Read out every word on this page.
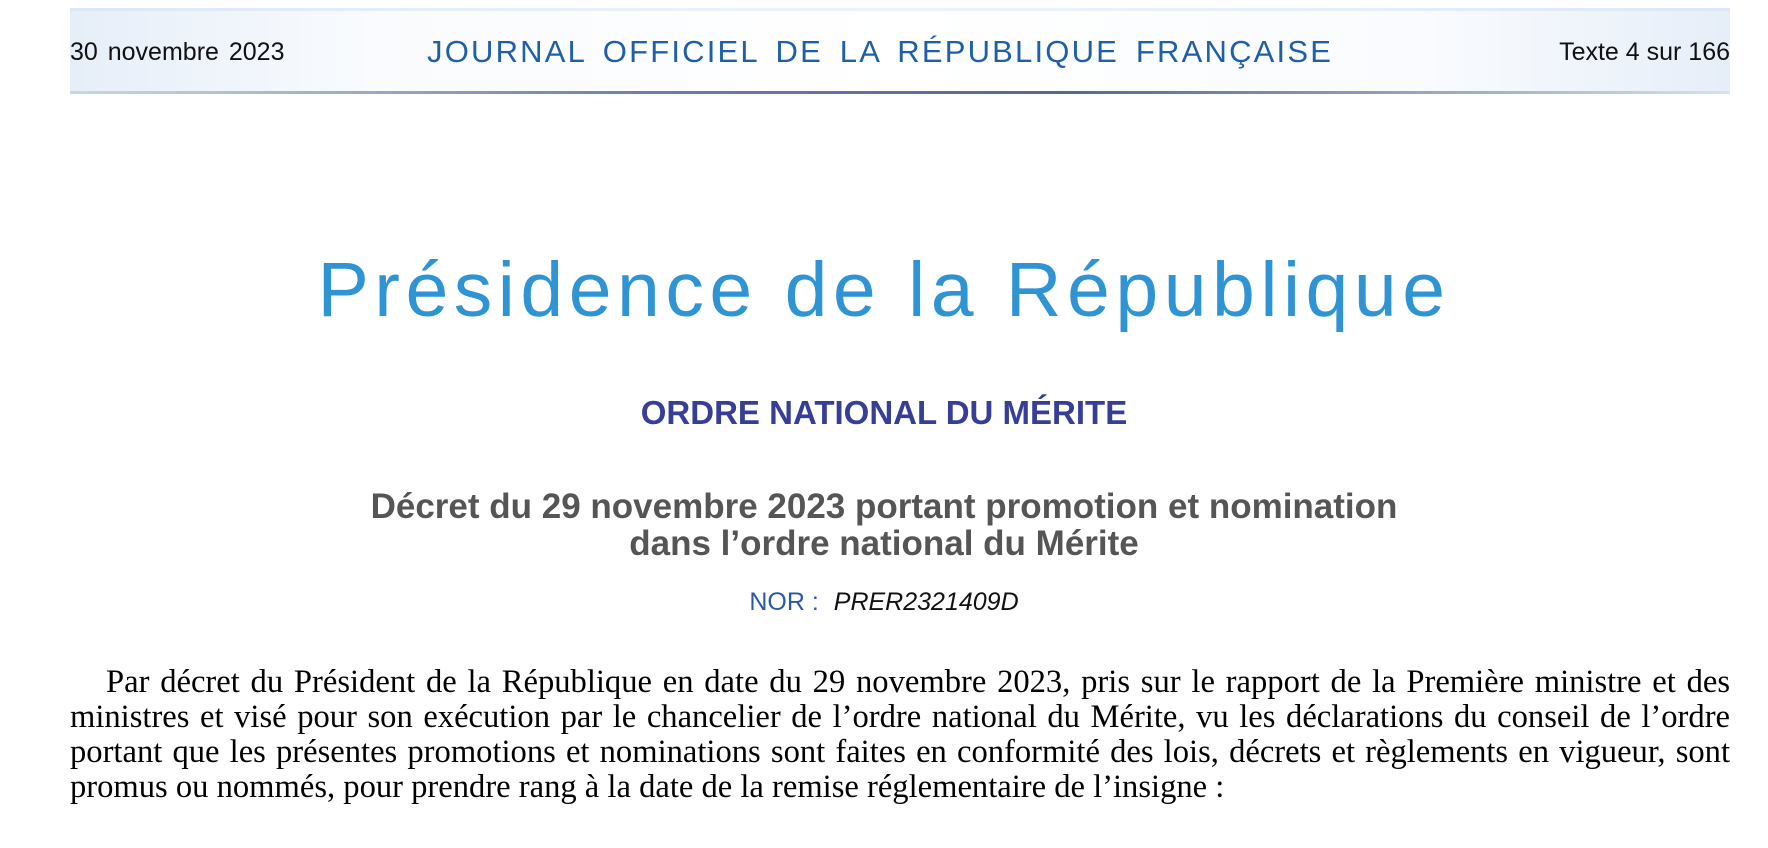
30 novembre 2023	JOURNAL OFFICIEL DE LA RÉPUBLIQUE FRANÇAISE	Texte 4 sur 166
Présidence de la République
ORDRE NATIONAL DU MÉRITE
Décret du 29 novembre 2023 portant promotion et nomination
dans l’ordre national du Mérite
NOR : PRER2321409D

Par décret du Président de la République en date du 29 novembre 2023, pris sur le rapport de la Première ministre et des ministres et visé pour son exécution par le chancelier de l’ordre national du Mérite, vu les déclarations du conseil de l’ordre portant que les présentes promotions et nominations sont faites en conformité des lois, décrets et règlements en vigueur, sont promus ou nommés, pour prendre rang à la date de la remise réglementaire de l’insigne :
